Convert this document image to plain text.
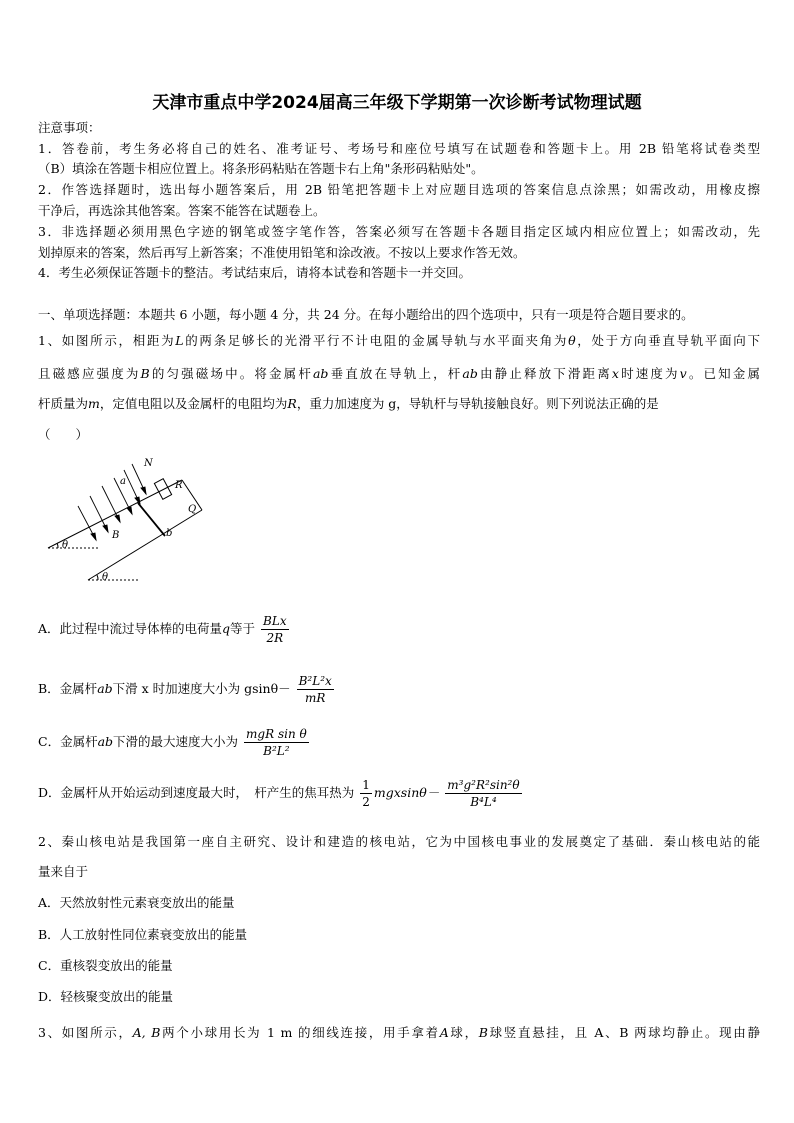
天津市重点中学2024届高三年级下学期第一次诊断考试物理试题
注意事项：
1．答卷前，考生务必将自己的姓名、准考证号、考场号和座位号填写在试题卷和答题卡上。用 2B 铅笔将试卷类型
（B）填涂在答题卡相应位置上。将条形码粘贴在答题卡右上角"条形码粘贴处"。
2．作答选择题时，选出每小题答案后，用 2B 铅笔把答题卡上对应题目选项的答案信息点涂黑；如需改动，用橡皮擦
干净后，再选涂其他答案。答案不能答在试题卷上。
3．非选择题必须用黑色字迹的钢笔或签字笔作答，答案必须写在答题卡各题目指定区域内相应位置上；如需改动，先
划掉原来的答案，然后再写上新答案；不准使用铅笔和涂改液。不按以上要求作答无效。
4．考生必须保证答题卡的整洁。考试结束后，请将本试卷和答题卡一并交回。
一、单项选择题：本题共 6 小题，每小题 4 分，共 24 分。在每小题给出的四个选项中，只有一项是符合题目要求的。
1、如图所示，相距为L的两条足够长的光滑平行不计电阻的金属导轨与水平面夹角为θ，处于方向垂直导轨平面向下
且磁感应强度为B的匀强磁场中。将金属杆ab垂直放在导轨上，杆ab由静止释放下滑距离x时速度为v。已知金属
杆质量为m，定值电阻以及金属杆的电阻均为R，重力加速度为 g，导轨杆与导轨接触良好。则下列说法正确的是
（　　）
N
a	R
Q
B	b
θ
θ
A．此过程中流过导体棒的电荷量q等于 $\frac{\text{BLx}}{2R}$
B．金属杆ab下滑 x 时加速度大小为 $gsin\theta- \frac{\text{B²L²x}}{mR}$
C．金属杆ab下滑的最大速度大小为 $\frac{\text{mgR sin θ}}{\text{B²L²}}$
D．金属杆从开始运动到速度最大时，　杆产生的焦耳热为 $\frac{1}{2} mgxsin\theta- \frac{\text{m³g²R²sin²θ}}{\text{B⁴L⁴}}$
2、秦山核电站是我国第一座自主研究、设计和建造的核电站，它为中国核电事业的发展奠定了基础．秦山核电站的能
量来自于
A．天然放射性元素衰变放出的能量
B．人工放射性同位素衰变放出的能量
C．重核裂变放出的能量
D．轻核聚变放出的能量
3、如图所示，A, B两个小球用长为 1 m 的细线连接，用手拿着A球，B球竖直悬挂，且 A、B 两球均静止。现由静
